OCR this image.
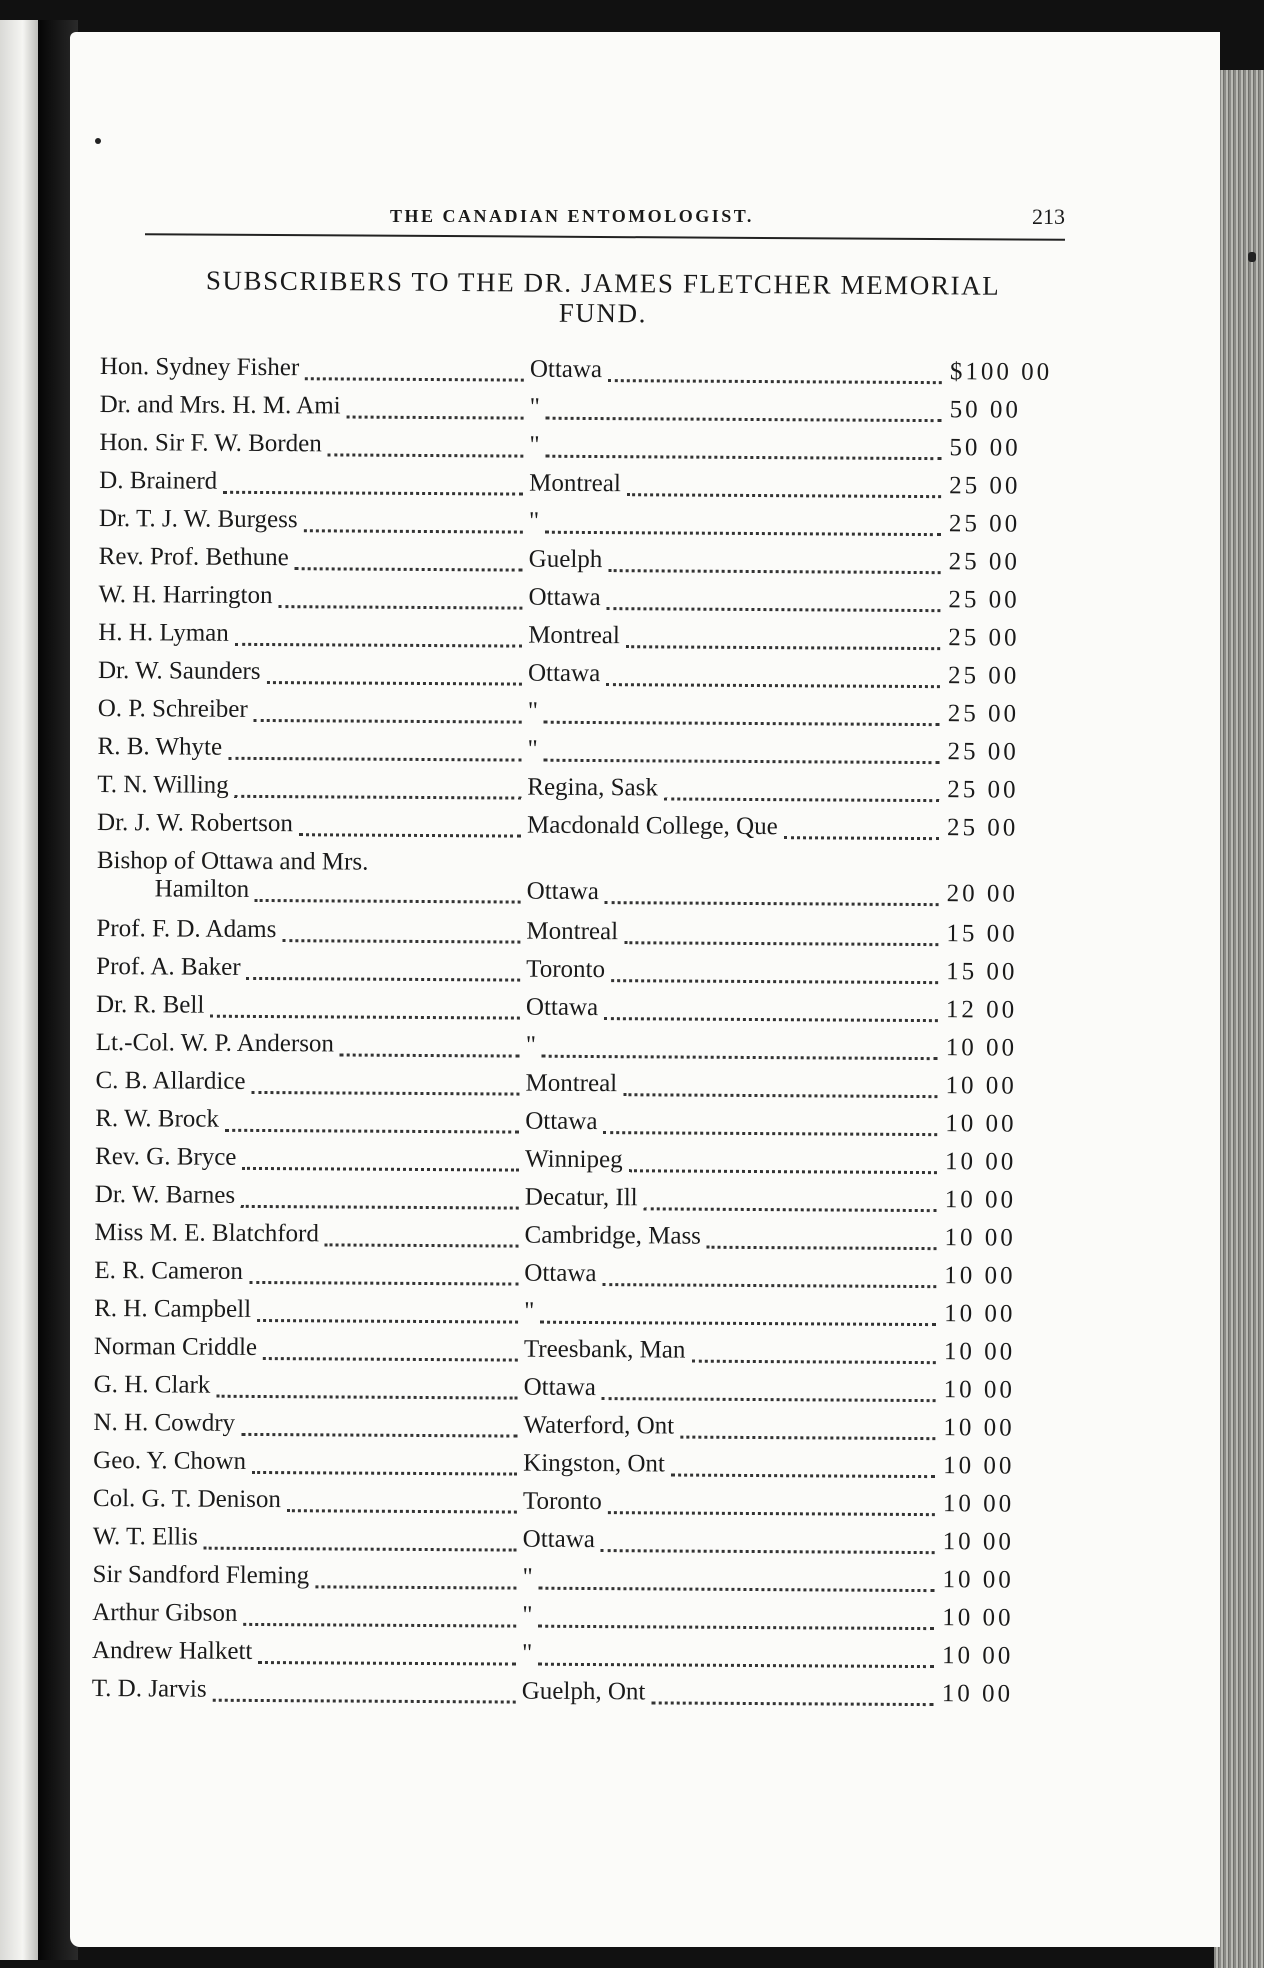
THE CANADIAN ENTOMOLOGIST.	213
SUBSCRIBERS TO THE DR. JAMES FLETCHER MEMORIAL
FUND.
Hon. Sydney Fisher	Ottawa	$100 00
Dr. and Mrs. H. M. Ami	"	50 00
Hon. Sir F. W. Borden	"	50 00
D. Brainerd	Montreal	25 00
Dr. T. J. W. Burgess	"	25 00
Rev. Prof. Bethune	Guelph	25 00
W. H. Harrington	Ottawa	25 00
H. H. Lyman	Montreal	25 00
Dr. W. Saunders	Ottawa	25 00
O. P. Schreiber	"	25 00
R. B. Whyte	"	25 00
T. N. Willing	Regina, Sask	25 00
Dr. J. W. Robertson	Macdonald College, Que	25 00
Bishop of Ottawa and Mrs.
Hamilton	Ottawa	20 00
Prof. F. D. Adams	Montreal	15 00
Prof. A. Baker	Toronto	15 00
Dr. R. Bell	Ottawa	12 00
Lt.-Col. W. P. Anderson	"	10 00
C. B. Allardice	Montreal	10 00
R. W. Brock	Ottawa	10 00
Rev. G. Bryce	Winnipeg	10 00
Dr. W. Barnes	Decatur, Ill	10 00
Miss M. E. Blatchford	Cambridge, Mass	10 00
E. R. Cameron	Ottawa	10 00
R. H. Campbell	"	10 00
Norman Criddle	Treesbank, Man	10 00
G. H. Clark	Ottawa	10 00
N. H. Cowdry	Waterford, Ont	10 00
Geo. Y. Chown	Kingston, Ont	10 00
Col. G. T. Denison	Toronto	10 00
W. T. Ellis	Ottawa	10 00
Sir Sandford Fleming	"	10 00
Arthur Gibson	"	10 00
Andrew Halkett	"	10 00
T. D. Jarvis	Guelph, Ont	10 00
